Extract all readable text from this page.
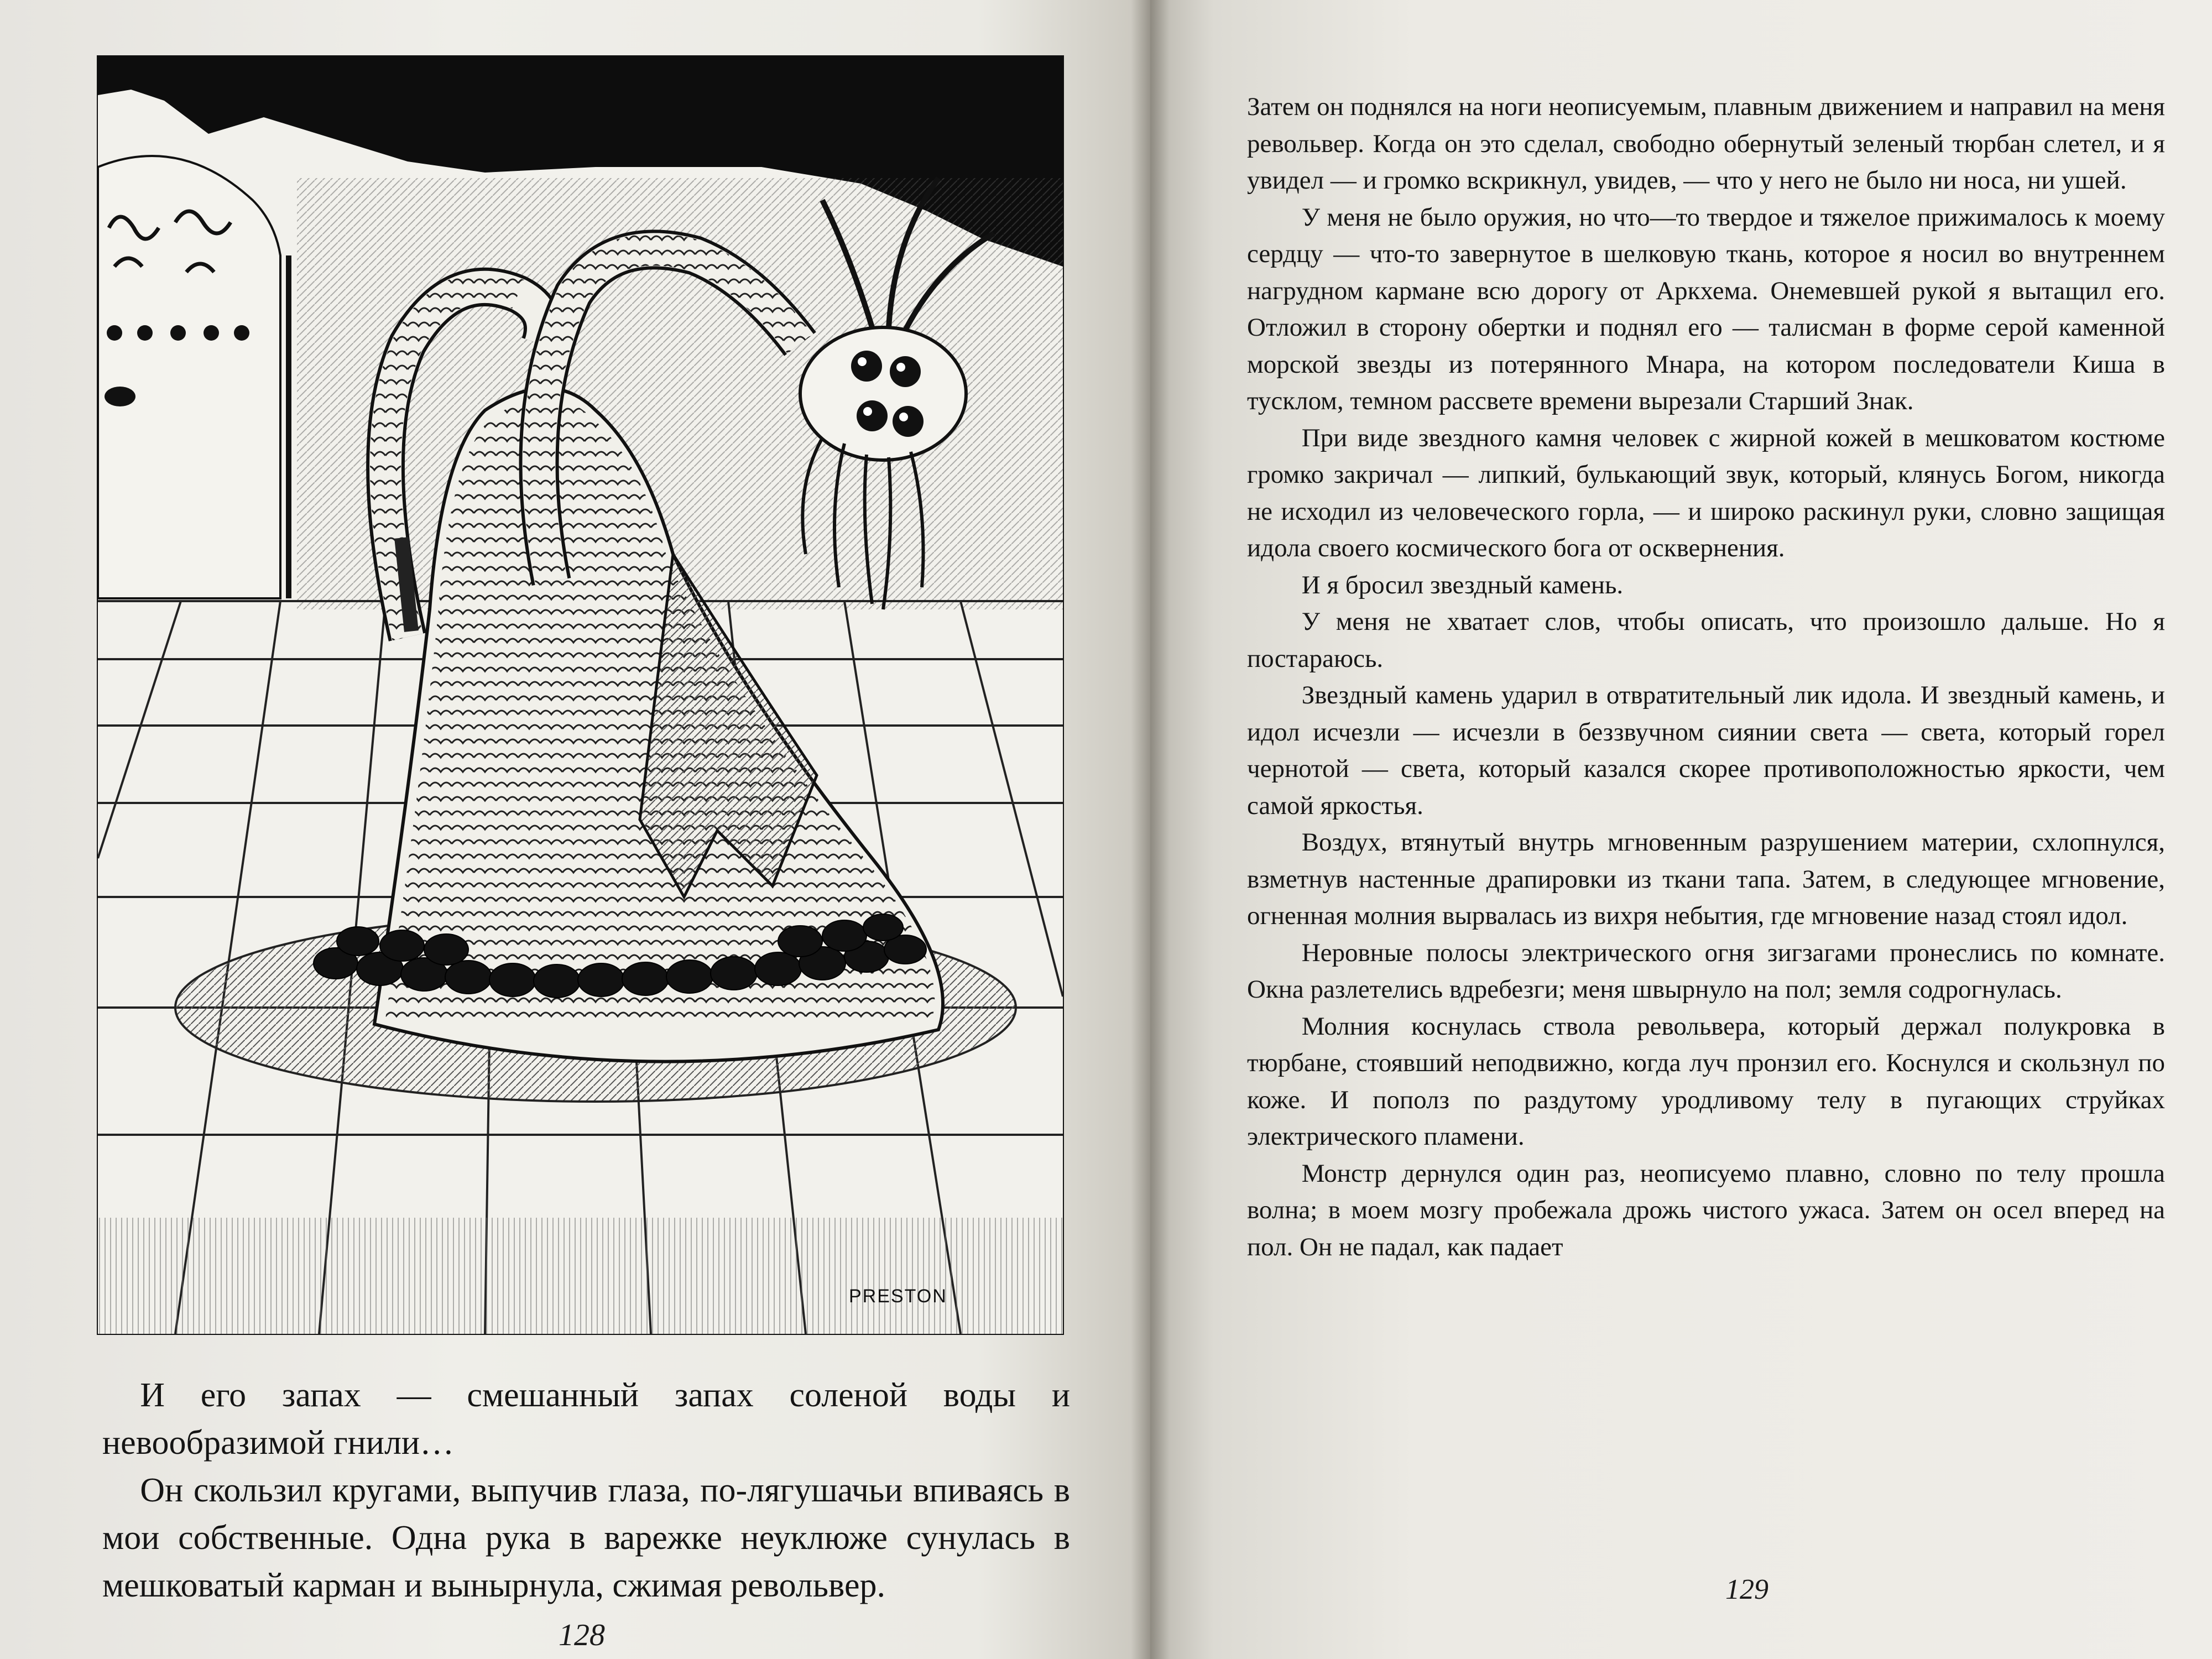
PRESTON

И его запах — смешанный запах соленой воды и невообразимой гнили…

Он скользил кругами, выпучив глаза, по-лягушачьи впиваясь в мои собственные. Одна рука в варежке неуклюже сунулась в мешковатый карман и вынырнула, сжимая револьвер.

128

Затем он поднялся на ноги неописуемым, плавным движением и направил на меня револьвер. Когда он это сделал, свободно обернутый зеленый тюрбан слетел, и я увидел — и громко вскрикнул, увидев, — что у него не было ни носа, ни ушей.

У меня не было оружия, но что—то твердое и тяжелое прижималось к моему сердцу — что-то завернутое в шелковую ткань, которое я носил во внутреннем нагрудном кармане всю дорогу от Аркхема. Онемевшей рукой я вытащил его. Отложил в сторону обертки и поднял его — талисман в форме серой каменной морской звезды из потерянного Мнара, на котором последователи Киша в тусклом, темном рассвете времени вырезали Старший Знак.

При виде звездного камня человек с жирной кожей в мешковатом костюме громко закричал — липкий, булькающий звук, который, клянусь Богом, никогда не исходил из человеческого горла, — и широко раскинул руки, словно защищая идола своего космического бога от осквернения.

И я бросил звездный камень.

У меня не хватает слов, чтобы описать, что произошло дальше. Но я постараюсь.

Звездный камень ударил в отвратительный лик идола. И звездный камень, и идол исчезли — исчезли в беззвучном сиянии света — света, который горел чернотой — света, который казался скорее противоположностью яркости, чем самой яркостья.

Воздух, втянутый внутрь мгновенным разрушением материи, схлопнулся, взметнув настенные драпировки из ткани тапа. Затем, в следующее мгновение, огненная молния вырвалась из вихря небытия, где мгновение назад стоял идол.

Неровные полосы электрического огня зигзагами пронеслись по комнате. Окна разлетелись вдребезги; меня швырнуло на пол; земля содрогнулась.

Молния коснулась ствола револьвера, который держал полукровка в тюрбане, стоявший неподвижно, когда луч пронзил его. Коснулся и скользнул по коже. И пополз по раздутому уродливому телу в пугающих струйках электрического пламени.

Монстр дернулся один раз, неописуемо плавно, словно по телу прошла волна; в моем мозгу пробежала дрожь чистого ужаса. Затем он осел вперед на пол. Он не падал, как падает

129
